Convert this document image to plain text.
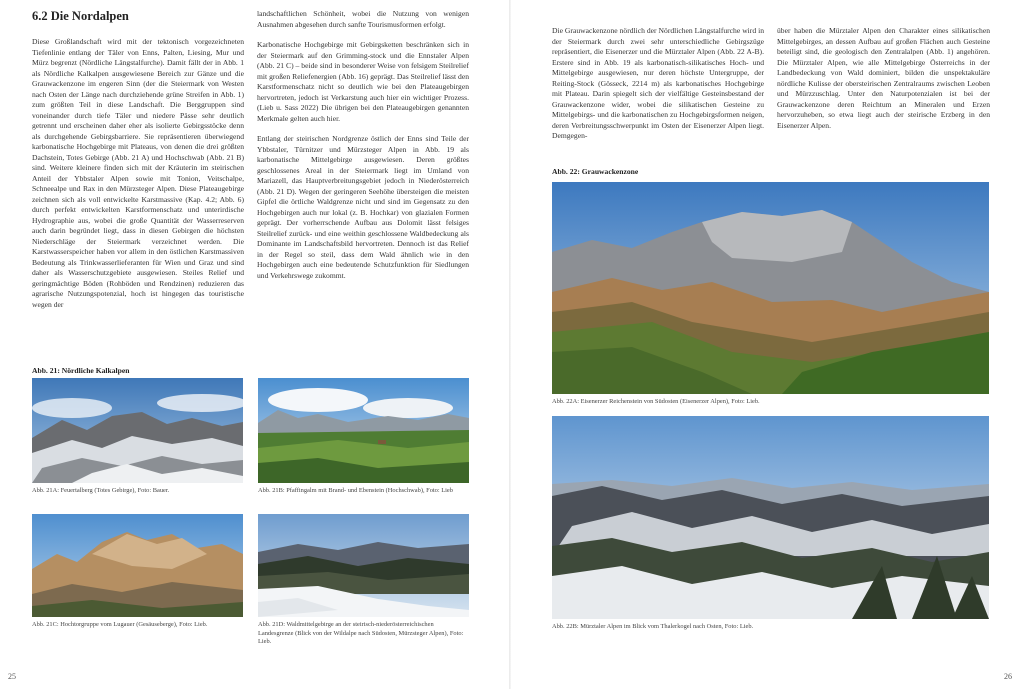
6.2 Die Nordalpen

Diese Großlandschaft wird mit der tektonisch vorgezeichneten Tiefenlinie entlang der Täler von Enns, Palten, Liesing, Mur und Mürz begrenzt (Nördliche Längstalfurche). Damit fällt der in Abb. 1 als Nördliche Kalkalpen ausgewiesene Bereich zur Gänze und die Grauwackenzone im engeren Sinn (der die Steiermark von Westen nach Osten der Länge nach durchziehende grüne Streifen in Abb. 1) zum größten Teil in diese Landschaft. Die Berggruppen sind voneinander durch tiefe Täler und niedere Pässe sehr deutlich getrennt und erscheinen daher eher als isolierte Gebirgsstöcke denn als durchgehende Gebirgsbarriere. Sie repräsentieren überwiegend karbonatische Hochgebirge mit Plateaus, von denen die drei größten Dachstein, Totes Gebirge (Abb. 21 A) und Hochschwab (Abb. 21 B) sind. Weitere kleinere finden sich mit der Kräuterin im steirischen Anteil der Ybbstaler Alpen sowie mit Tonion, Veitschalpe, Schneealpe und Rax in den Mürzsteger Alpen. Diese Plateaugebirge zeichnen sich als voll entwickelte Karstmassive (Kap. 4.2; Abb. 6) durch perfekt entwickelten Karstformenschatz und unterirdische Hydrographie aus, wobei die große Quantität der Wasserreserven auch darin begründet liegt, dass in diesen Gebirgen die höchsten Niederschläge der Steiermark verzeichnet werden. Die Karstwasserspeicher haben vor allem in den östlichen Karstmassiven Bedeutung als Trinkwasserlieferanten für Wien und Graz und sind daher als Wasserschutzgebiete ausgewiesen. Steiles Relief und geringmächtige Böden (Rohböden und Rendzinen) reduzieren das agrarische Nutzungspotenzial, hoch ist hingegen das touristische wegen der

landschaftlichen Schönheit, wobei die Nutzung von wenigen Ausnahmen abgesehen durch sanfte Tourismusformen erfolgt.

Karbonatische Hochgebirge mit Gebirgsketten beschränken sich in der Steiermark auf den Grimming-stock und die Ennstaler Alpen (Abb. 21 C) – beide sind in besonderer Weise von felsigem Steilrelief mit großen Reliefenergien (Abb. 16) geprägt. Das Steilrelief lässt den Karstformenschatz nicht so deutlich wie bei den Plateaugebirgen hervortreten, jedoch ist Verkarstung auch hier ein wichtiger Prozess. (Lieb u. Sass 2022) Die übrigen bei den Plateaugebirgen genannten Merkmale gelten auch hier.

Entlang der steirischen Nordgrenze östlich der Enns sind Teile der Ybbstaler, Türnitzer und Mürzsteger Alpen in Abb. 19 als karbonatische Mittelgebirge ausgewiesen. Deren größtes geschlossenes Areal in der Steiermark liegt im Umland von Mariazell, das Hauptverbreitungsgebiet jedoch in Niederösterreich (Abb. 21 D). Wegen der geringeren Seehöhe übersteigen die meisten Gipfel die örtliche Waldgrenze nicht und sind im Gegensatz zu den Hochgebirgen auch nur lokal (z. B. Hochkar) von glazialen Formen geprägt. Der vorherrschende Aufbau aus Dolomit lässt felsiges Steilrelief zurück- und eine weithin geschlossene Waldbedeckung als Dominante im Landschaftsbild hervortreten. Dennoch ist das Relief in der Regel so steil, dass dem Wald ähnlich wie in den Hochgebirgen auch eine bedeutende Schutzfunktion für Siedlungen und Verkehrswege zukommt.

Abb. 21: Nördliche Kalkalpen

Abb. 21A: Feuertalberg (Totes Gebirge), Foto: Bauer.	Abb. 21B: Pfaffingalm mit Brand- und Ebenstein (Hochschwab), Foto: Lieb

Abb. 21C: Hochtorgruppe vom Lugauer (Gesäuseberge), Foto: Lieb.	Abb. 21D: Waldmittelgebirge an der steirisch-niederösterreichischen Landesgrenze (Blick von der Wildalpe nach Südosten, Mürzsteger Alpen), Foto: Lieb.

25

Die Grauwackenzone nördlich der Nördlichen Längstalfurche wird in der Steiermark durch zwei sehr unterschiedliche Gebirgszüge repräsentiert, die Eisenerzer und die Mürztaler Alpen (Abb. 22 A-B). Erstere sind in Abb. 19 als karbonatisch-silikatisches Hoch- und Mittelgebirge ausgewiesen, nur deren höchste Untergruppe, der Reiting-Stock (Gösseck, 2214 m) als karbonatisches Hochgebirge mit Plateau. Darin spiegelt sich der vielfältige Gesteinsbestand der Grauwackenzone wider, wobei die silikatischen Gesteine zu Mittelgebirgs- und die karbonatischen zu Hochgebirgsformen neigen, deren Verbreitungsschwerpunkt im Osten der Eisenerzer Alpen liegt. Demgegen-

über haben die Mürztaler Alpen den Charakter eines silikatischen Mittelgebirges, an dessen Aufbau auf großen Flächen auch Gesteine beteiligt sind, die geologisch den Zentralalpen (Abb. 1) angehören. Die Mürztaler Alpen, wie alle Mittelgebirge Österreichs in der Landbedeckung von Wald dominiert, bilden die unspektakuläre nördliche Kulisse der obersteirischen Zentralraums zwischen Leoben und Mürzzuschlag. Unter den Naturpotenzialen ist bei der Grauwackenzone deren Reichtum an Mineralen und Erzen hervorzuheben, so etwa liegt auch der steirische Erzberg in den Eisenerzer Alpen.

Abb. 22: Grauwackenzone

Abb. 22A: Eisenerzer Reichenstein von Südosten (Eisenerzer Alpen), Foto: Lieb.

Abb. 22B: Mürztaler Alpen im Blick vom Thalerkogel nach Osten, Foto: Lieb.

26
